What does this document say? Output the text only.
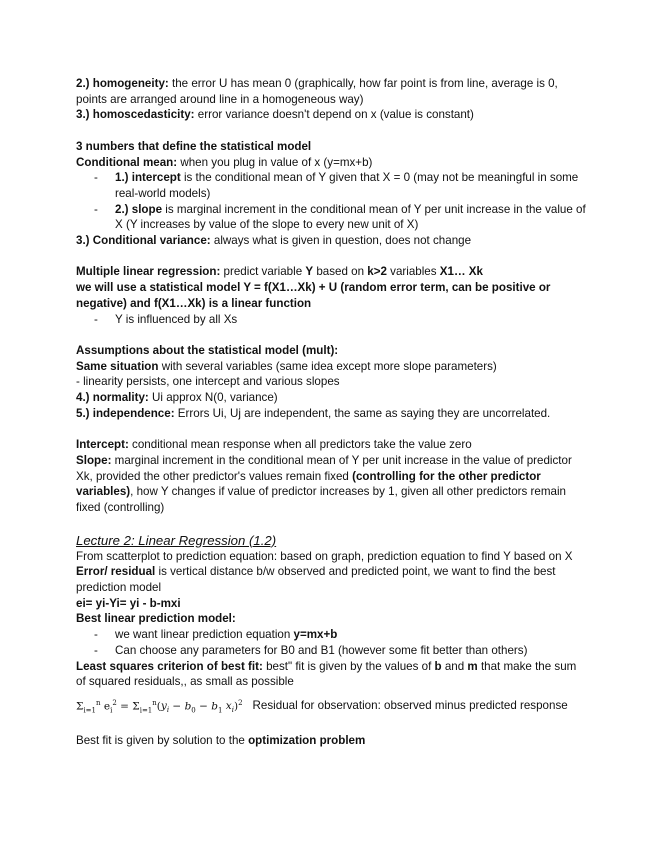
2.) homogeneity: the error U has mean 0 (graphically, how far point is from line, average is 0, points are arranged around line in a homogeneous way)

3.) homoscedasticity: error variance doesn't depend on x (value is constant)

3 numbers that define the statistical model

Conditional mean: when you plug in value of x (y=mx+b)

- 1.) intercept is the conditional mean of Y given that X = 0 (may not be meaningful in some real-world models)
- 2.) slope is marginal increment in the conditional mean of Y per unit increase in the value of X (Y increases by value of the slope to every new unit of X)

3.) Conditional variance: always what is given in question, does not change

Multiple linear regression: predict variable Y based on k>2 variables X1… Xk

we will use a statistical model Y = f(X1…Xk) + U (random error term, can be positive or negative) and f(X1…Xk) is a linear function

- Y is influenced by all Xs

Assumptions about the statistical model (mult):

Same situation with several variables (same idea except more slope parameters)

- linearity persists, one intercept and various slopes

4.) normality: Ui approx N(0, variance)

5.) independence: Errors Ui, Uj are independent, the same as saying they are uncorrelated.

Intercept: conditional mean response when all predictors take the value zero

Slope: marginal increment in the conditional mean of Y per unit increase in the value of predictor Xk, provided the other predictor's values remain fixed (controlling for the other predictor variables), how Y changes if value of predictor increases by 1, given all other predictors remain fixed (controlling)

Lecture 2: Linear Regression (1.2)

From scatterplot to prediction equation: based on graph, prediction equation to find Y based on X

Error/ residual is vertical distance b/w observed and predicted point, we want to find the best prediction model

ei= yi-Yi= yi - b-mxi

Best linear prediction model:

- we want linear prediction equation y=mx+b
- Can choose any parameters for B0 and B1 (however some fit better than others)

Least squares criterion of best fit: best" fit is given by the values of b and m that make the sum of squared residuals,, as small as possible

$\Sigma_{i=1}^n$ $e_i^2 = \Sigma_{i=1}^n(y_i - b_0 - b_1$ $x_i)^2$ Residual for observation: observed minus predicted response

Best fit is given by solution to the optimization problem
